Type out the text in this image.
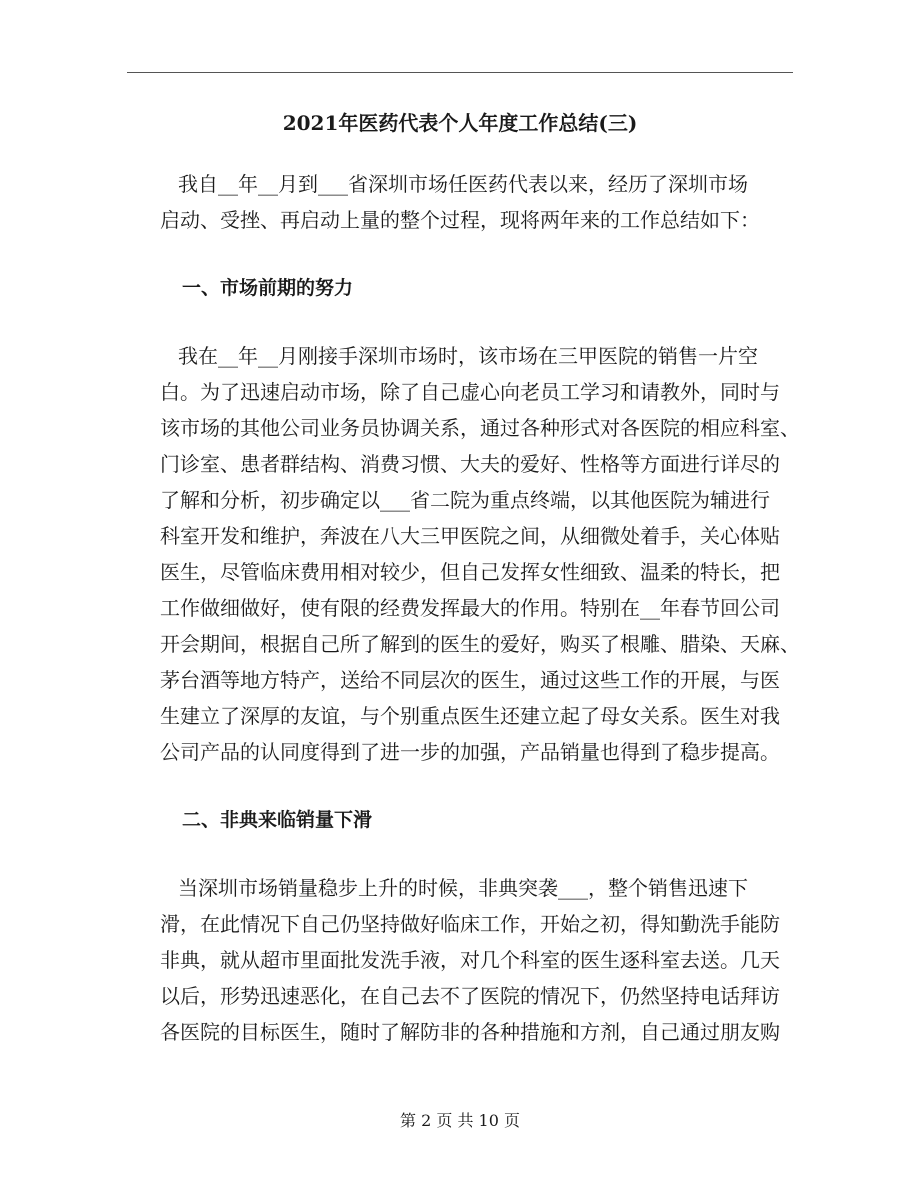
2021年医药代表个人年度工作总结(三)
我自__年__月到___省深圳市场任医药代表以来，经历了深圳市场
启动、受挫、再启动上量的整个过程，现将两年来的工作总结如下：
一、市场前期的努力
我在__年__月刚接手深圳市场时，该市场在三甲医院的销售一片空
白。为了迅速启动市场，除了自己虚心向老员工学习和请教外，同时与
该市场的其他公司业务员协调关系，通过各种形式对各医院的相应科室、
门诊室、患者群结构、消费习惯、大夫的爱好、性格等方面进行详尽的
了解和分析，初步确定以___省二院为重点终端，以其他医院为辅进行
科室开发和维护，奔波在八大三甲医院之间，从细微处着手，关心体贴
医生，尽管临床费用相对较少，但自己发挥女性细致、温柔的特长，把
工作做细做好，使有限的经费发挥最大的作用。特别在__年春节回公司
开会期间，根据自己所了解到的医生的爱好，购买了根雕、腊染、天麻、
茅台酒等地方特产，送给不同层次的医生，通过这些工作的开展，与医
生建立了深厚的友谊，与个别重点医生还建立起了母女关系。医生对我
公司产品的认同度得到了进一步的加强，产品销量也得到了稳步提高。
二、非典来临销量下滑
当深圳市场销量稳步上升的时候，非典突袭___，整个销售迅速下
滑，在此情况下自己仍坚持做好临床工作，开始之初，得知勤洗手能防
非典，就从超市里面批发洗手液，对几个科室的医生逐科室去送。几天
以后，形势迅速恶化，在自己去不了医院的情况下，仍然坚持电话拜访
各医院的目标医生，随时了解防非的各种措施和方剂，自己通过朋友购
第 2 页 共 10 页
